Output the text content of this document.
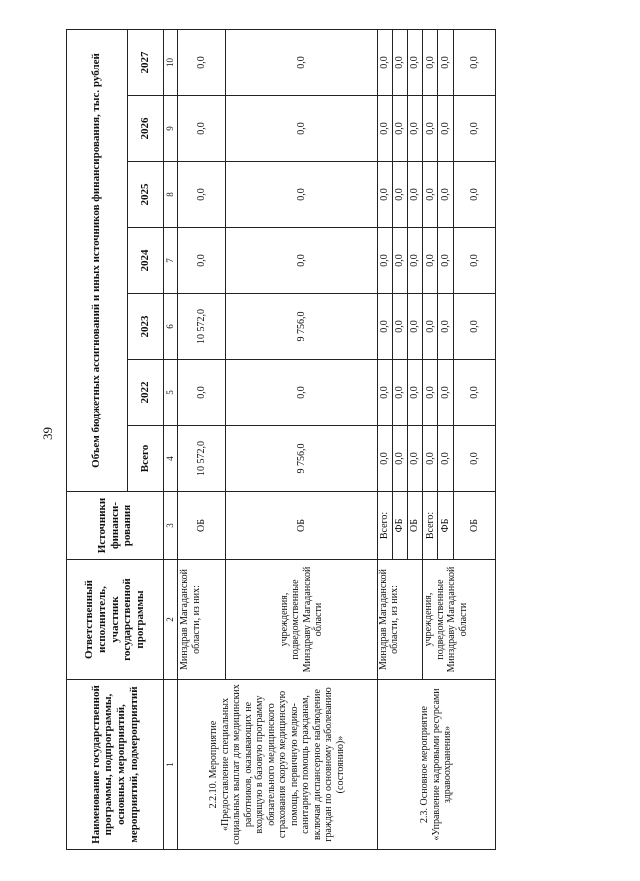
39
Наименование государственной программы, подпрограммы, основных мероприятий, мероприятий, подмероприятий	Ответственный исполнитель, участник государственной программы	Источники финанси-рования	Объем бюджетных ассигнований и иных источников финансирования, тыс. рублей						
			Всего	2022	2023	2024	2025	2026	2027
1	2	3	4	5	6	7	8	9	10
2.2.10. Мероприятие «Предоставление специальных социальных выплат для медицинских работников, оказывающих не входящую в базовую программу обязательного медицинского страхования скорую медицинскую помощь, первичную медико-санитарную помощь гражданам, включая диспансерное наблюдение граждан по основному заболеванию (состоянию)»	Минздрав Магаданской области, из них:	ОБ	10 572,0	0,0	10 572,0	0,0	0,0	0,0	0,0
	учреждения, подведомственные Минздраву Магаданской области	ОБ	9 756,0	0,0	9 756,0	0,0	0,0	0,0	0,0
2.3. Основное мероприятие «Управление кадровыми ресурсами здравоохранения»	Минздрав Магаданской области, из них:	Всего:	0,0	0,0	0,0	0,0	0,0	0,0	0,0
		ФБ	0,0	0,0	0,0	0,0	0,0	0,0	0,0
		ОБ	0,0	0,0	0,0	0,0	0,0	0,0	0,0
	учреждения, подведомственные Минздраву Магаданской области	Всего:	0,0	0,0	0,0	0,0	0,0	0,0	0,0
		ФБ	0,0	0,0	0,0	0,0	0,0	0,0	0,0
		ОБ	0,0	0,0	0,0	0,0	0,0	0,0	0,0
